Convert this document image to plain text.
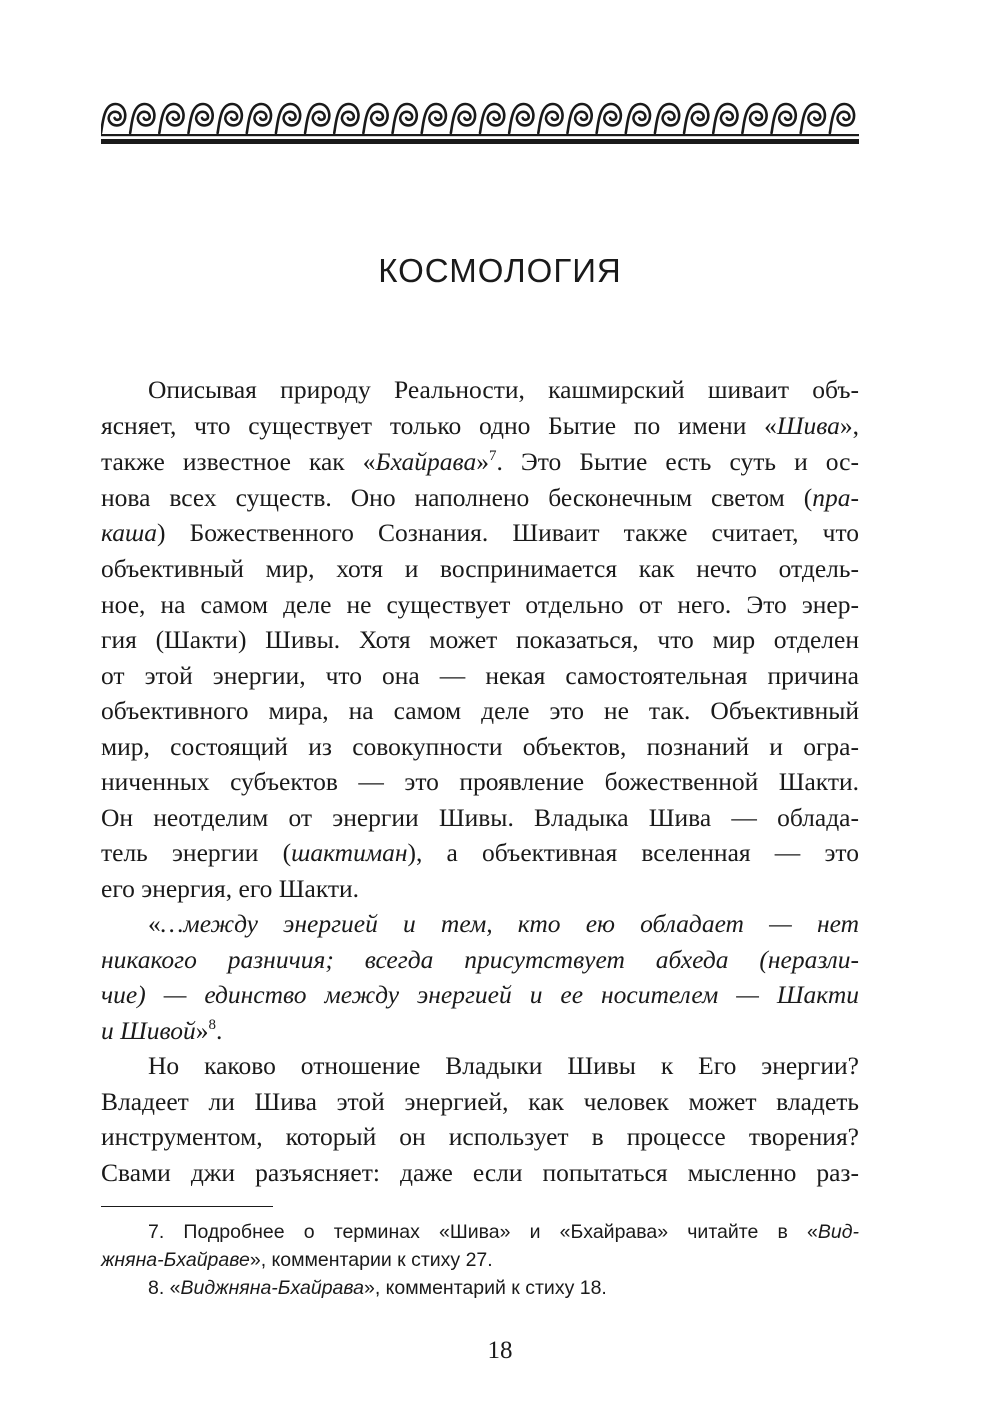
КОСМОЛОГИЯ
Описывая природу Реальности, кашмирский шиваит объ-
ясняет, что существует только одно Бытие по имени «Шива»,
также известное как «Бхайрава»$^7$. Это Бытие есть суть и ос-
нова всех существ. Оно наполнено бесконечным светом (пра-
каша) Божественного Сознания. Шиваит также считает, что
объективный мир, хотя и воспринимается как нечто отдель-
ное, на самом деле не существует отдельно от него. Это энер-
гия (Шакти) Шивы. Хотя может показаться, что мир отделен
от этой энергии, что она — некая самостоятельная причина
объективного мира, на самом деле это не так. Объективный
мир, состоящий из совокупности объектов, познаний и огра-
ниченных субъектов — это проявление божественной Шакти.
Он неотделим от энергии Шивы. Владыка Шива — облада-
тель энергии (шактиман), а объективная вселенная — это
его энергия, его Шакти.
«…между энергией и тем, кто ею обладает — нет
никакого разничия; всегда присутствует абхеда (неразли-
чие) — единство между энергией и ее носителем — Шакти
и Шивой»$^8$.
Но каково отношение Владыки Шивы к Его энергии?
Владеет ли Шива этой энергией, как человек может владеть
инструментом, который он использует в процессе творения?
Свами джи разъясняет: даже если попытаться мысленно раз-
7. Подробнее о терминах «Шива» и «Бхайрава» читайте в «Вид-
жняна-Бхайраве», комментарии к стиху 27.
8. «Виджняна-Бхайрава», комментарий к стиху 18.
18
